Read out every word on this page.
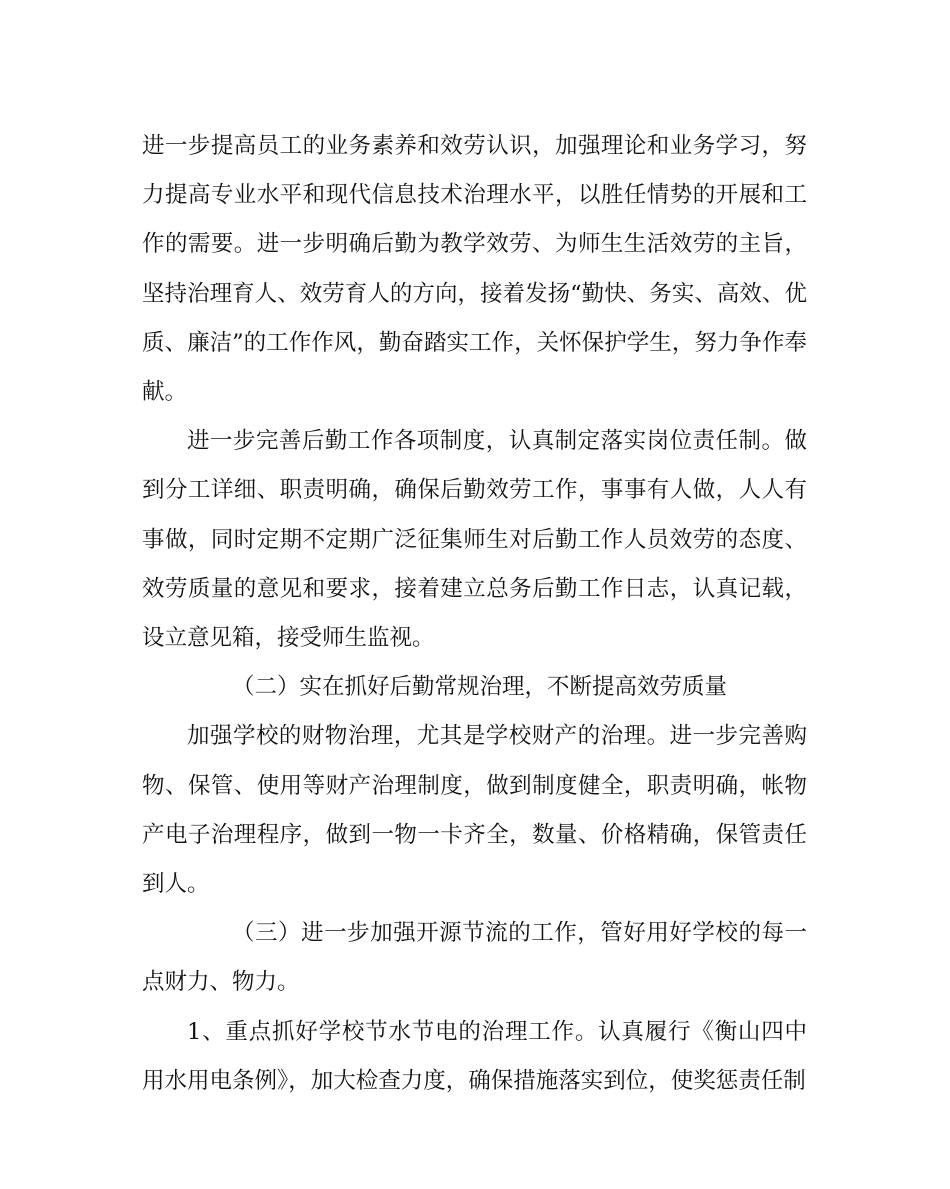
进一步提高员工的业务素养和效劳认识，加强理论和业务学习，努力提高专业水平和现代信息技术治理水平，以胜任情势的开展和工作的需要。进一步明确后勤为教学效劳、为师生生活效劳的主旨，坚持治理育人、效劳育人的方向，接着发扬“勤快、务实、高效、优质、廉洁”的工作作风，勤奋踏实工作，关怀保护学生，努力争作奉献。

进一步完善后勤工作各项制度，认真制定落实岗位责任制。做到分工详细、职责明确，确保后勤效劳工作，事事有人做，人人有事做，同时定期不定期广泛征集师生对后勤工作人员效劳的态度、效劳质量的意见和要求，接着建立总务后勤工作日志，认真记载，设立意见箱，接受师生监视。

（二）实在抓好后勤常规治理，不断提高效劳质量

加强学校的财物治理，尤其是学校财产的治理。进一步完善购物、保管、使用等财产治理制度，做到制度健全，职责明确，帐物产电子治理程序，做到一物一卡齐全，数量、价格精确，保管责任到人。

（三）进一步加强开源节流的工作，管好用好学校的每一点财力、物力。

1、重点抓好学校节水节电的治理工作。认真履行《衡山四中用水用电条例》，加大检查力度，确保措施落实到位，使奖惩责任制
